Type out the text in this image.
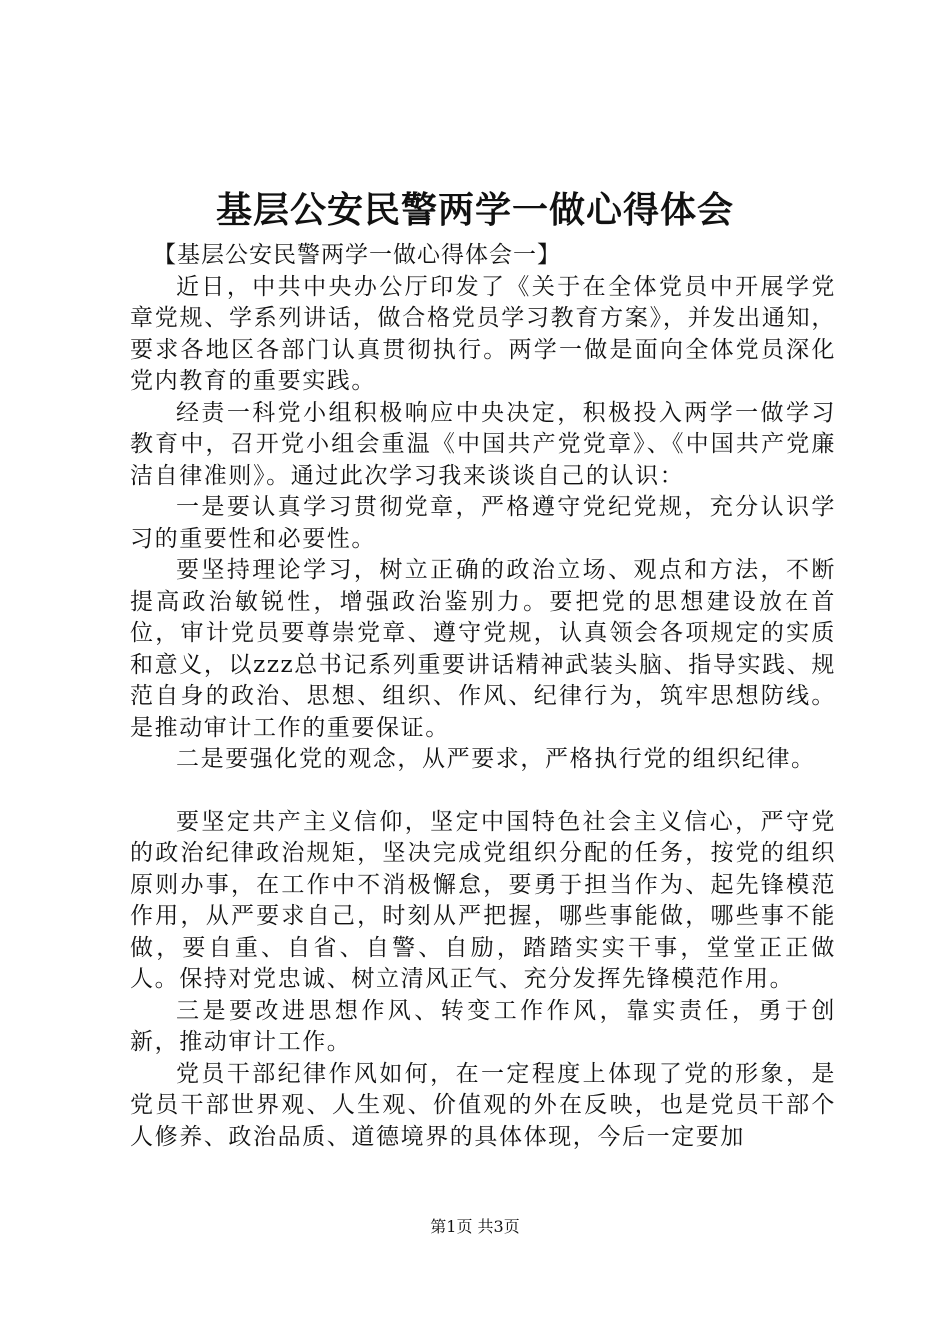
基层公安民警两学一做心得体会

【基层公安民警两学一做心得体会一】

近日，中共中央办公厅印发了《关于在全体党员中开展学党章党规、学系列讲话，做合格党员学习教育方案》，并发出通知，要求各地区各部门认真贯彻执行。两学一做是面向全体党员深化党内教育的重要实践。

经责一科党小组积极响应中央决定，积极投入两学一做学习教育中，召开党小组会重温《中国共产党党章》、《中国共产党廉洁自律准则》。通过此次学习我来谈谈自己的认识：

一是要认真学习贯彻党章，严格遵守党纪党规，充分认识学习的重要性和必要性。

要坚持理论学习，树立正确的政治立场、观点和方法，不断提高政治敏锐性，增强政治鉴别力。要把党的思想建设放在首位，审计党员要尊崇党章、遵守党规，认真领会各项规定的实质和意义，以zzz总书记系列重要讲话精神武装头脑、指导实践、规范自身的政治、思想、组织、作风、纪律行为，筑牢思想防线。是推动审计工作的重要保证。

二是要强化党的观念，从严要求，严格执行党的组织纪律。

要坚定共产主义信仰，坚定中国特色社会主义信心，严守党的政治纪律政治规矩，坚决完成党组织分配的任务，按党的组织原则办事，在工作中不消极懈怠，要勇于担当作为、起先锋模范作用，从严要求自己，时刻从严把握，哪些事能做，哪些事不能做，要自重、自省、自警、自励，踏踏实实干事，堂堂正正做人。保持对党忠诚、树立清风正气、充分发挥先锋模范作用。

三是要改进思想作风、转变工作作风，靠实责任，勇于创新，推动审计工作。

党员干部纪律作风如何，在一定程度上体现了党的形象，是党员干部世界观、人生观、价值观的外在反映，也是党员干部个人修养、政治品质、道德境界的具体体现，今后一定要加

第1页 共3页
